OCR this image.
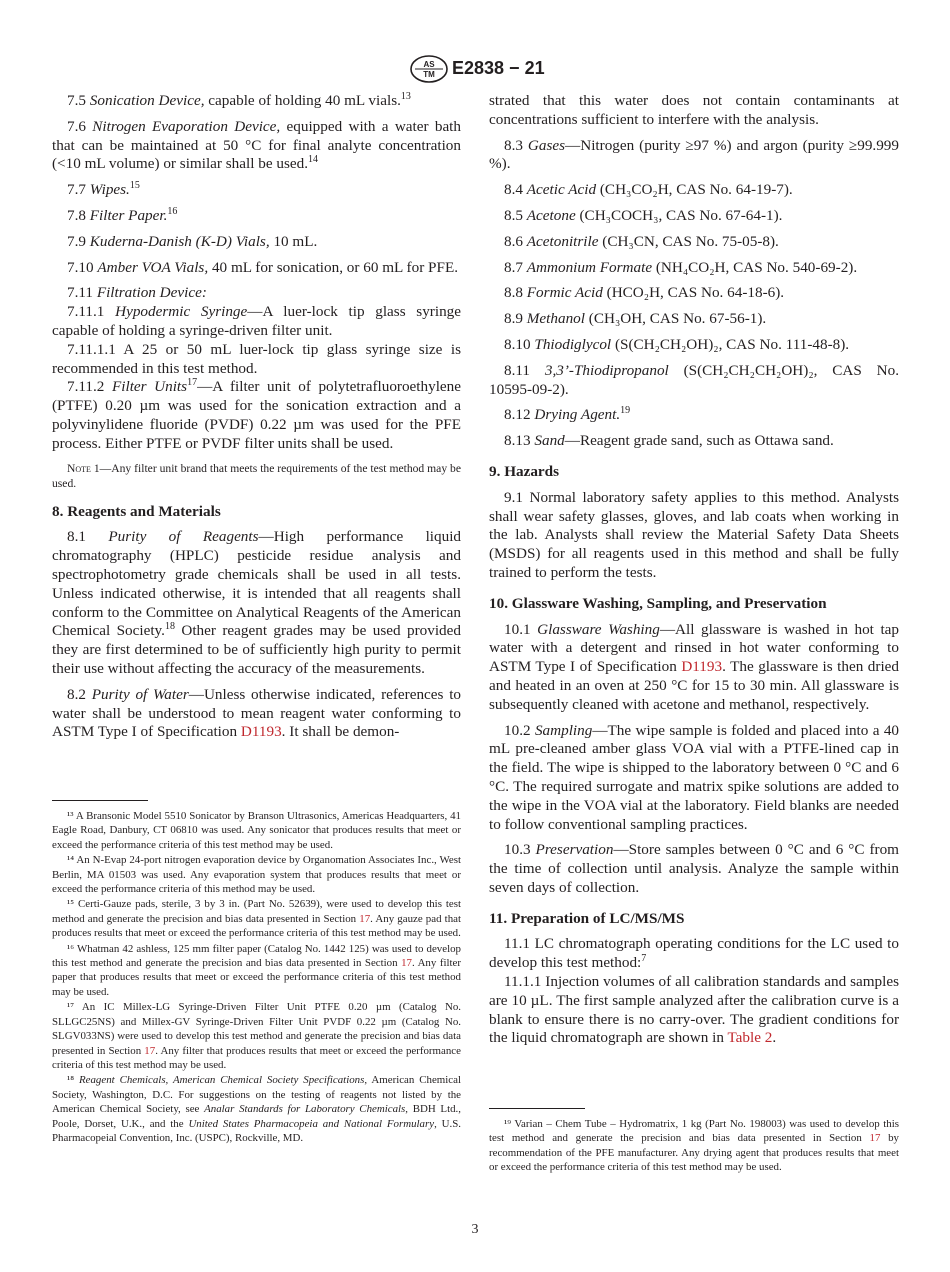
AS
TM E2838 − 21

7.5 Sonication Device, capable of holding 40 mL vials.$^{13}$

7.6 Nitrogen Evaporation Device, equipped with a water bath that can be maintained at 50 °C for final analyte concentration (<10 mL volume) or similar shall be used.$^{14}$

7.7 Wipes.$^{15}$

7.8 Filter Paper.$^{16}$

7.9 Kuderna-Danish (K-D) Vials, 10 mL.

7.10 Amber VOA Vials, 40 mL for sonication, or 60 mL for PFE.

7.11 Filtration Device:

7.11.1 Hypodermic Syringe—A luer-lock tip glass syringe capable of holding a syringe-driven filter unit.

7.11.1.1 A 25 or 50 mL luer-lock tip glass syringe size is recommended in this test method.

7.11.2 Filter Units$^{17}$—A filter unit of polytetrafluoroethylene (PTFE) 0.20 µm was used for the sonication extraction and a polyvinylidene fluoride (PVDF) 0.22 µm was used for the PFE process. Either PTFE or PVDF filter units shall be used.

Note 1—Any filter unit brand that meets the requirements of the test method may be used.

8. Reagents and Materials

8.1 Purity of Reagents—High performance liquid chromatography (HPLC) pesticide residue analysis and spectrophotometry grade chemicals shall be used in all tests. Unless indicated otherwise, it is intended that all reagents shall conform to the Committee on Analytical Reagents of the American Chemical Society.$^{18}$ Other reagent grades may be used provided they are first determined to be of sufficiently high purity to permit their use without affecting the accuracy of the measurements.

8.2 Purity of Water—Unless otherwise indicated, references to water shall be understood to mean reagent water conforming to ASTM Type I of Specification D1193. It shall be demon-

¹³ A Bransonic Model 5510 Sonicator by Branson Ultrasonics, Americas Headquarters, 41 Eagle Road, Danbury, CT 06810 was used. Any sonicator that produces results that meet or exceed the performance criteria of this test method may be used.

¹⁴ An N-Evap 24-port nitrogen evaporation device by Organomation Associates Inc., West Berlin, MA 01503 was used. Any evaporation system that produces results that meet or exceed the performance criteria of this method may be used.

¹⁵ Certi-Gauze pads, sterile, 3 by 3 in. (Part No. 52639), were used to develop this test method and generate the precision and bias data presented in Section 17. Any gauze pad that produces results that meet or exceed the performance criteria of this test method may be used.

¹⁶ Whatman 42 ashless, 125 mm filter paper (Catalog No. 1442 125) was used to develop this test method and generate the precision and bias data presented in Section 17. Any filter paper that produces results that meet or exceed the performance criteria of this test method may be used.

¹⁷ An IC Millex-LG Syringe-Driven Filter Unit PTFE 0.20 µm (Catalog No. SLLGC25NS) and Millex-GV Syringe-Driven Filter Unit PVDF 0.22 µm (Catalog No. SLGV033NS) were used to develop this test method and generate the precision and bias data presented in Section 17. Any filter that produces results that meet or exceed the performance criteria of this test method may be used.

¹⁸ Reagent Chemicals, American Chemical Society Specifications, American Chemical Society, Washington, D.C. For suggestions on the testing of reagents not listed by the American Chemical Society, see Analar Standards for Laboratory Chemicals, BDH Ltd., Poole, Dorset, U.K., and the United States Pharmacopeia and National Formulary, U.S. Pharmacopeial Convention, Inc. (USPC), Rockville, MD.

strated that this water does not contain contaminants at concentrations sufficient to interfere with the analysis.

8.3 Gases—Nitrogen (purity ≥97 %) and argon (purity ≥99.999 %).

8.4 Acetic Acid (CH₃CO₂H, CAS No. 64-19-7).

8.5 Acetone (CH₃COCH₃, CAS No. 67-64-1).

8.6 Acetonitrile (CH₃CN, CAS No. 75-05-8).

8.7 Ammonium Formate (NH₄CO₂H, CAS No. 540-69-2).

8.8 Formic Acid (HCO₂H, CAS No. 64-18-6).

8.9 Methanol (CH₃OH, CAS No. 67-56-1).

8.10 Thiodiglycol (S(CH₂CH₂OH)₂, CAS No. 111-48-8).

8.11 3,3’-Thiodipropanol (S(CH₂CH₂CH₂OH)₂, CAS No. 10595-09-2).

8.12 Drying Agent.$^{19}$

8.13 Sand—Reagent grade sand, such as Ottawa sand.

9. Hazards

9.1 Normal laboratory safety applies to this method. Analysts shall wear safety glasses, gloves, and lab coats when working in the lab. Analysts shall review the Material Safety Data Sheets (MSDS) for all reagents used in this method and shall be fully trained to perform the tests.

10. Glassware Washing, Sampling, and Preservation

10.1 Glassware Washing—All glassware is washed in hot tap water with a detergent and rinsed in hot water conforming to ASTM Type I of Specification D1193. The glassware is then dried and heated in an oven at 250 °C for 15 to 30 min. All glassware is subsequently cleaned with acetone and methanol, respectively.

10.2 Sampling—The wipe sample is folded and placed into a 40 mL pre-cleaned amber glass VOA vial with a PTFE-lined cap in the field. The wipe is shipped to the laboratory between 0 °C and 6 °C. The required surrogate and matrix spike solutions are added to the wipe in the VOA vial at the laboratory. Field blanks are needed to follow conventional sampling practices.

10.3 Preservation—Store samples between 0 °C and 6 °C from the time of collection until analysis. Analyze the sample within seven days of collection.

11. Preparation of LC/MS/MS

11.1 LC chromatograph operating conditions for the LC used to develop this test method:$^7$

11.1.1 Injection volumes of all calibration standards and samples are 10 µL. The first sample analyzed after the calibration curve is a blank to ensure there is no carry-over. The gradient conditions for the liquid chromatograph are shown in Table 2.

¹⁹ Varian – Chem Tube – Hydromatrix, 1 kg (Part No. 198003) was used to develop this test method and generate the precision and bias data presented in Section 17 by recommendation of the PFE manufacturer. Any drying agent that produces results that meet or exceed the performance criteria of this test method may be used.

3
